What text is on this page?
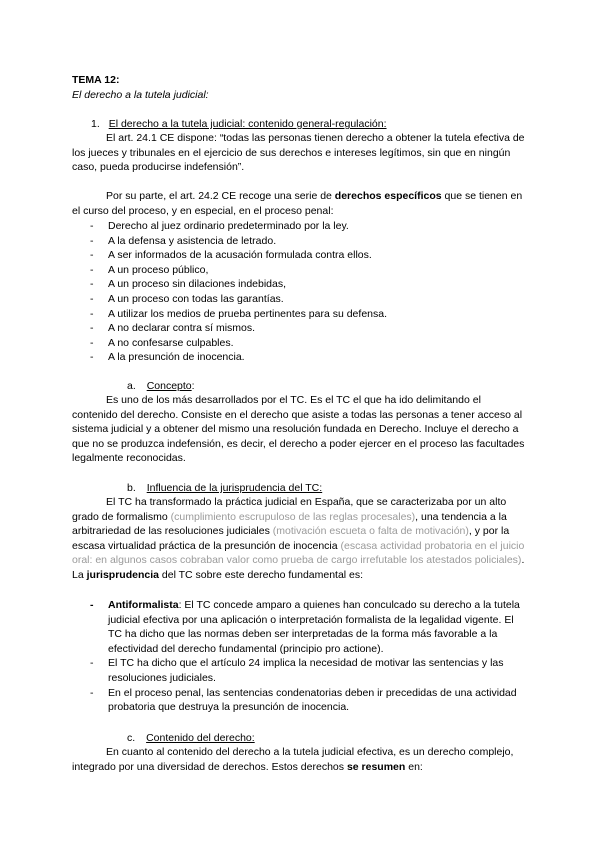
TEMA 12:
El derecho a la tutela judicial:
1. El derecho a la tutela judicial: contenido general-regulación:
El art. 24.1 CE dispone: “todas las personas tienen derecho a obtener la tutela efectiva de los jueces y tribunales en el ejercicio de sus derechos e intereses legítimos, sin que en ningún caso, pueda producirse indefensión”.
Por su parte, el art. 24.2 CE recoge una serie de derechos específicos que se tienen en el curso del proceso, y en especial, en el proceso penal:
- Derecho al juez ordinario predeterminado por la ley.
- A la defensa y asistencia de letrado.
- A ser informados de la acusación formulada contra ellos.
- A un proceso público,
- A un proceso sin dilaciones indebidas,
- A un proceso con todas las garantías.
- A utilizar los medios de prueba pertinentes para su defensa.
- A no declarar contra sí mismos.
- A no confesarse culpables.
- A la presunción de inocencia.
a. Concepto:
Es uno de los más desarrollados por el TC. Es el TC el que ha ido delimitando el contenido del derecho. Consiste en el derecho que asiste a todas las personas a tener acceso al sistema judicial y a obtener del mismo una resolución fundada en Derecho. Incluye el derecho a que no se produzca indefensión, es decir, el derecho a poder ejercer en el proceso las facultades legalmente reconocidas.
b. Influencia de la jurisprudencia del TC:
El TC ha transformado la práctica judicial en España, que se caracterizaba por un alto grado de formalismo (cumplimiento escrupuloso de las reglas procesales), una tendencia a la arbitrariedad de las resoluciones judiciales (motivación escueta o falta de motivación), y por la escasa virtualidad práctica de la presunción de inocencia (escasa actividad probatoria en el juicio oral: en algunos casos cobraban valor como prueba de cargo irrefutable los atestados policiales). La jurisprudencia del TC sobre este derecho fundamental es:
- Antiformalista: El TC concede amparo a quienes han conculcado su derecho a la tutela judicial efectiva por una aplicación o interpretación formalista de la legalidad vigente. El TC ha dicho que las normas deben ser interpretadas de la forma más favorable a la efectividad del derecho fundamental (principio pro actione).
- El TC ha dicho que el artículo 24 implica la necesidad de motivar las sentencias y las resoluciones judiciales.
- En el proceso penal, las sentencias condenatorias deben ir precedidas de una actividad probatoria que destruya la presunción de inocencia.
c. Contenido del derecho:
En cuanto al contenido del derecho a la tutela judicial efectiva, es un derecho complejo, integrado por una diversidad de derechos. Estos derechos se resumen en:
